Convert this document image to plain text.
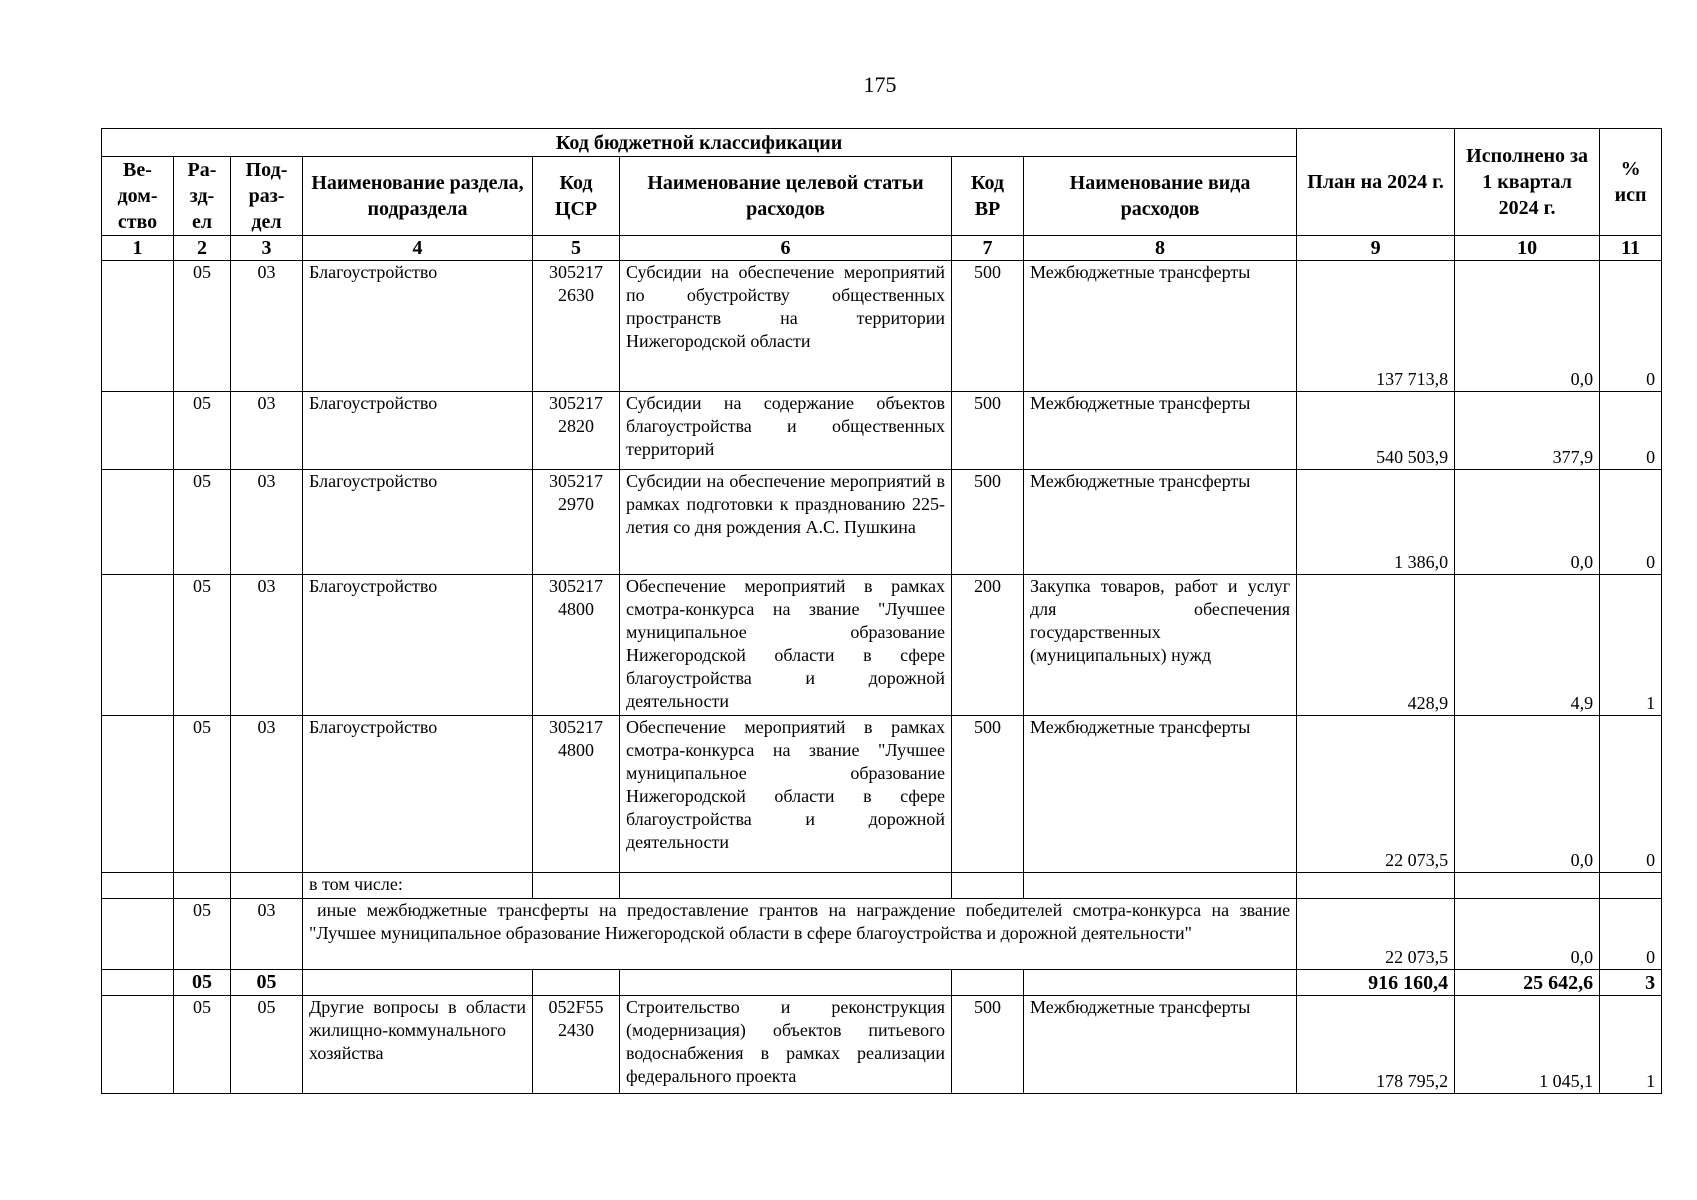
175
Код бюджетной классификации								План на 2024 г.	Исполнено за 1 квартал 2024 г.	% исп
Ве-дом-ство	Ра-зд-ел	Под-раз-дел	Наименование раздела, подраздела	Код ЦСР	Наименование целевой статьи расходов	Код ВР	Наименование вида расходов			
1	2	3	4	5	6	7	8	9	10	11
	05	03	Благоустройство	305217 2630	Субсидии на обеспечение мероприятий по обустройству общественных пространств на территории Нижегородской области	500	Межбюджетные трансферты	137 713,8	0,0	0
	05	03	Благоустройство	305217 2820	Субсидии на содержание объектов благоустройства и общественных территорий	500	Межбюджетные трансферты	540 503,9	377,9	0
	05	03	Благоустройство	305217 2970	Субсидии на обеспечение мероприятий в рамках подготовки к празднованию 225-летия со дня рождения А.С. Пушкина	500	Межбюджетные трансферты	1 386,0	0,0	0
	05	03	Благоустройство	305217 4800	Обеспечение мероприятий в рамках смотра-конкурса на звание "Лучшее муниципальное образование Нижегородской области в сфере благоустройства и дорожной деятельности	200	Закупка товаров, работ и услуг для обеспечения государственных (муниципальных) нужд	428,9	4,9	1
	05	03	Благоустройство	305217 4800	Обеспечение мероприятий в рамках смотра-конкурса на звание "Лучшее муниципальное образование Нижегородской области в сфере благоустройства и дорожной деятельности	500	Межбюджетные трансферты	22 073,5	0,0	0
			в том числе:							
	05	03	иные межбюджетные трансферты на предоставление грантов на награждение победителей смотра-конкурса на звание "Лучшее муниципальное образование Нижегородской области в сфере благоустройства и дорожной деятельности"					22 073,5	0,0	0
	05	05						916 160,4	25 642,6	3
	05	05	Другие вопросы в области жилищно-коммунального хозяйства	052F55 2430	Строительство и реконструкция (модернизация) объектов питьевого водоснабжения в рамках реализации федерального проекта	500	Межбюджетные трансферты	178 795,2	1 045,1	1
